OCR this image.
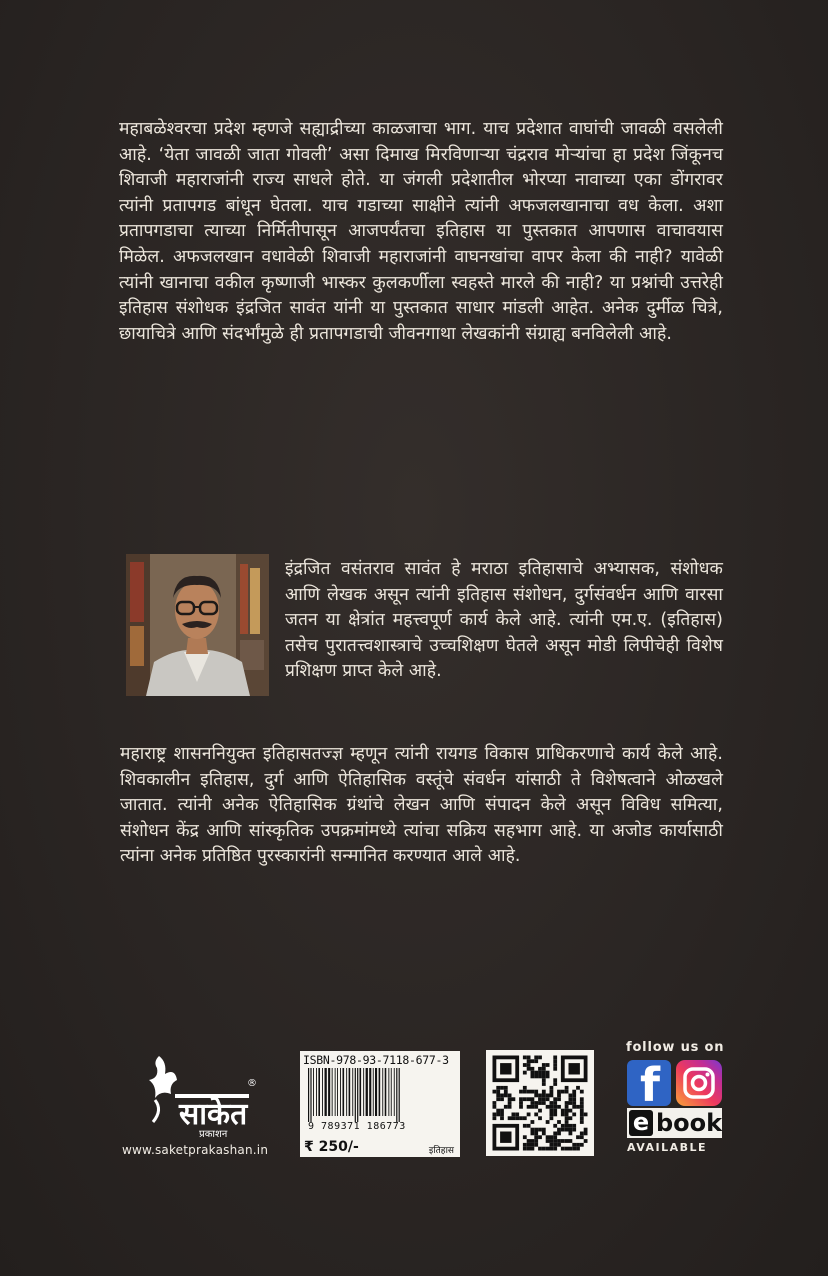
महाबळेश्वरचा प्रदेश म्हणजे सह्याद्रीच्या काळजाचा भाग. याच प्रदेशात वाघांची जावळी वसलेली आहे. ‘येता जावळी जाता गोवली’ असा दिमाख मिरविणाऱ्या चंद्रराव मोऱ्यांचा हा प्रदेश जिंकूनच शिवाजी महाराजांनी राज्य साधले होते. या जंगली प्रदेशातील भोरप्या नावाच्या एका डोंगरावर त्यांनी प्रतापगड बांधून घेतला. याच गडाच्या साक्षीने त्यांनी अफजलखानाचा वध केला. अशा प्रतापगडाचा त्याच्या निर्मितीपासून आजपर्यंतचा इतिहास या पुस्तकात आपणास वाचावयास मिळेल. अफजलखान वधावेळी शिवाजी महाराजांनी वाघनखांचा वापर केला की नाही? यावेळी त्यांनी खानाचा वकील कृष्णाजी भास्कर कुलकर्णीला स्वहस्ते मारले की नाही? या प्रश्नांची उत्तरेही इतिहास संशोधक इंद्रजित सावंत यांनी या पुस्तकात साधार मांडली आहेत. अनेक दुर्मीळ चित्रे, छायाचित्रे आणि संदर्भांमुळे ही प्रतापगडाची जीवनगाथा लेखकांनी संग्राह्य बनविलेली आहे.

इंद्रजित वसंतराव सावंत हे मराठा इतिहासाचे अभ्यासक, संशोधक आणि लेखक असून त्यांनी इतिहास संशोधन, दुर्गसंवर्धन आणि वारसा जतन या क्षेत्रांत महत्त्वपूर्ण कार्य केले आहे. त्यांनी एम.ए. (इतिहास) तसेच पुरातत्त्वशास्त्राचे उच्चशिक्षण घेतले असून मोडी लिपीचेही विशेष प्रशिक्षण प्राप्त केले आहे.

महाराष्ट्र शासननियुक्त इतिहासतज्ज्ञ म्हणून त्यांनी रायगड विकास प्राधिकरणाचे कार्य केले आहे. शिवकालीन इतिहास, दुर्ग आणि ऐतिहासिक वस्तूंचे संवर्धन यांसाठी ते विशेषत्वाने ओळखले जातात. त्यांनी अनेक ऐतिहासिक ग्रंथांचे लेखन आणि संपादन केले असून विविध समित्या, संशोधन केंद्र आणि सांस्कृतिक उपक्रमांमध्ये त्यांचा सक्रिय सहभाग आहे. या अजोड कार्यासाठी त्यांना अनेक प्रतिष्ठित पुरस्कारांनी सन्मानित करण्यात आले आहे.

साकेत
प्रकाशन
®
www.saketprakashan.in
ISBN-978-93-7118-677-3
9 789371 186773
₹ 250/-	इतिहास
follow us on
f
e book
AVAILABLE
